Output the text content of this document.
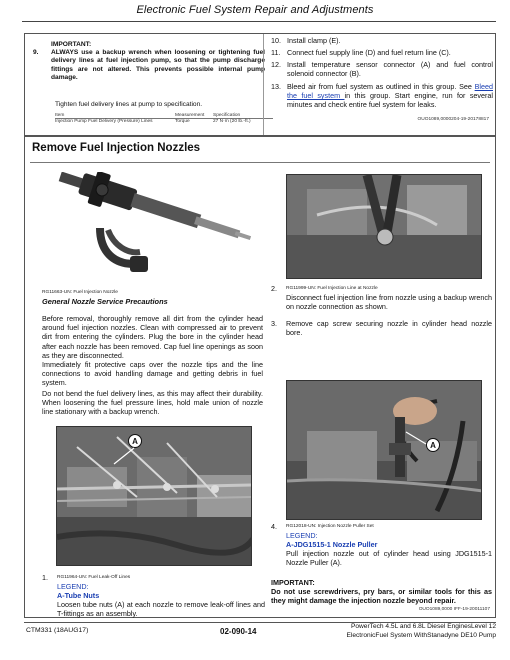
Electronic Fuel System Repair and Adjustments
IMPORTANT:
9. ALWAYS use a backup wrench when loosening or tightening fuel delivery lines at fuel injection pump, so that the pump discharge fittings are not altered. This prevents possible internal pump damage.
Tighten fuel delivery lines at pump to specification.
Item	Measurement	Specification
Injection Pump Fuel Delivery (Pressure) Lines	Torque	27 N·m (20 lb.-ft.)
10. Install clamp (E).
11. Connect fuel supply line (D) and fuel return line (C).
12. Install temperature sensor connector (A) and fuel control solenoid connector (B).
13. Bleed air from fuel system as outlined in this group. See Bleed the fuel system in this group. Start engine, run for several minutes and check entire fuel system for leaks.
OUO1089,0000204-19-20178817
Remove Fuel Injection Nozzles
RG11663-UN: Fuel Injection Nozzle
General Nozzle Service Precautions
Before removal, thoroughly remove all dirt from the cylinder head around fuel injection nozzles. Clean with compressed air to prevent dirt from entering the cylinders. Plug the bore in the cylinder head after each nozzle has been removed. Cap fuel line openings as soon as they are disconnected.
Immediately fit protective caps over the nozzle tips and the line connections to avoid handling damage and getting debris in fuel system.
Do not bend the fuel delivery lines, as this may affect their durability. When loosening the fuel pressure lines, hold male union of nozzle line stationary with a backup wrench.
A
1. RG11964-UN: Fuel Leak-Off Lines
LEGEND:
A-Tube Nuts
Loosen tube nuts (A) at each nozzle to remove leak-off lines and T-fittings as an assembly.
2. RG11999-UN: Fuel Injection Line at Nozzle
Disconnect fuel injection line from nozzle using a backup wrench on nozzle connection as shown.
3. Remove cap screw securing nozzle in cylinder head nozzle bore.
A
4. RG12018-UN: Injection Nozzle Puller Set
LEGEND:
A-JDG1515-1 Nozzle Puller
Pull injection nozzle out of cylinder head using JDG1515-1 Nozzle Puller (A).
IMPORTANT:
Do not use screwdrivers, pry bars, or similar tools for this as they might damage the injection nozzle beyond repair.
OUO1089,0000 IFF-19-20011107
CTM331 (18AUG17)	02-090-14
PowerTech 4.5L and 6.8L Diesel EnginesLevel 12
ElectronicFuel System WithStanadyne DE10 Pump
